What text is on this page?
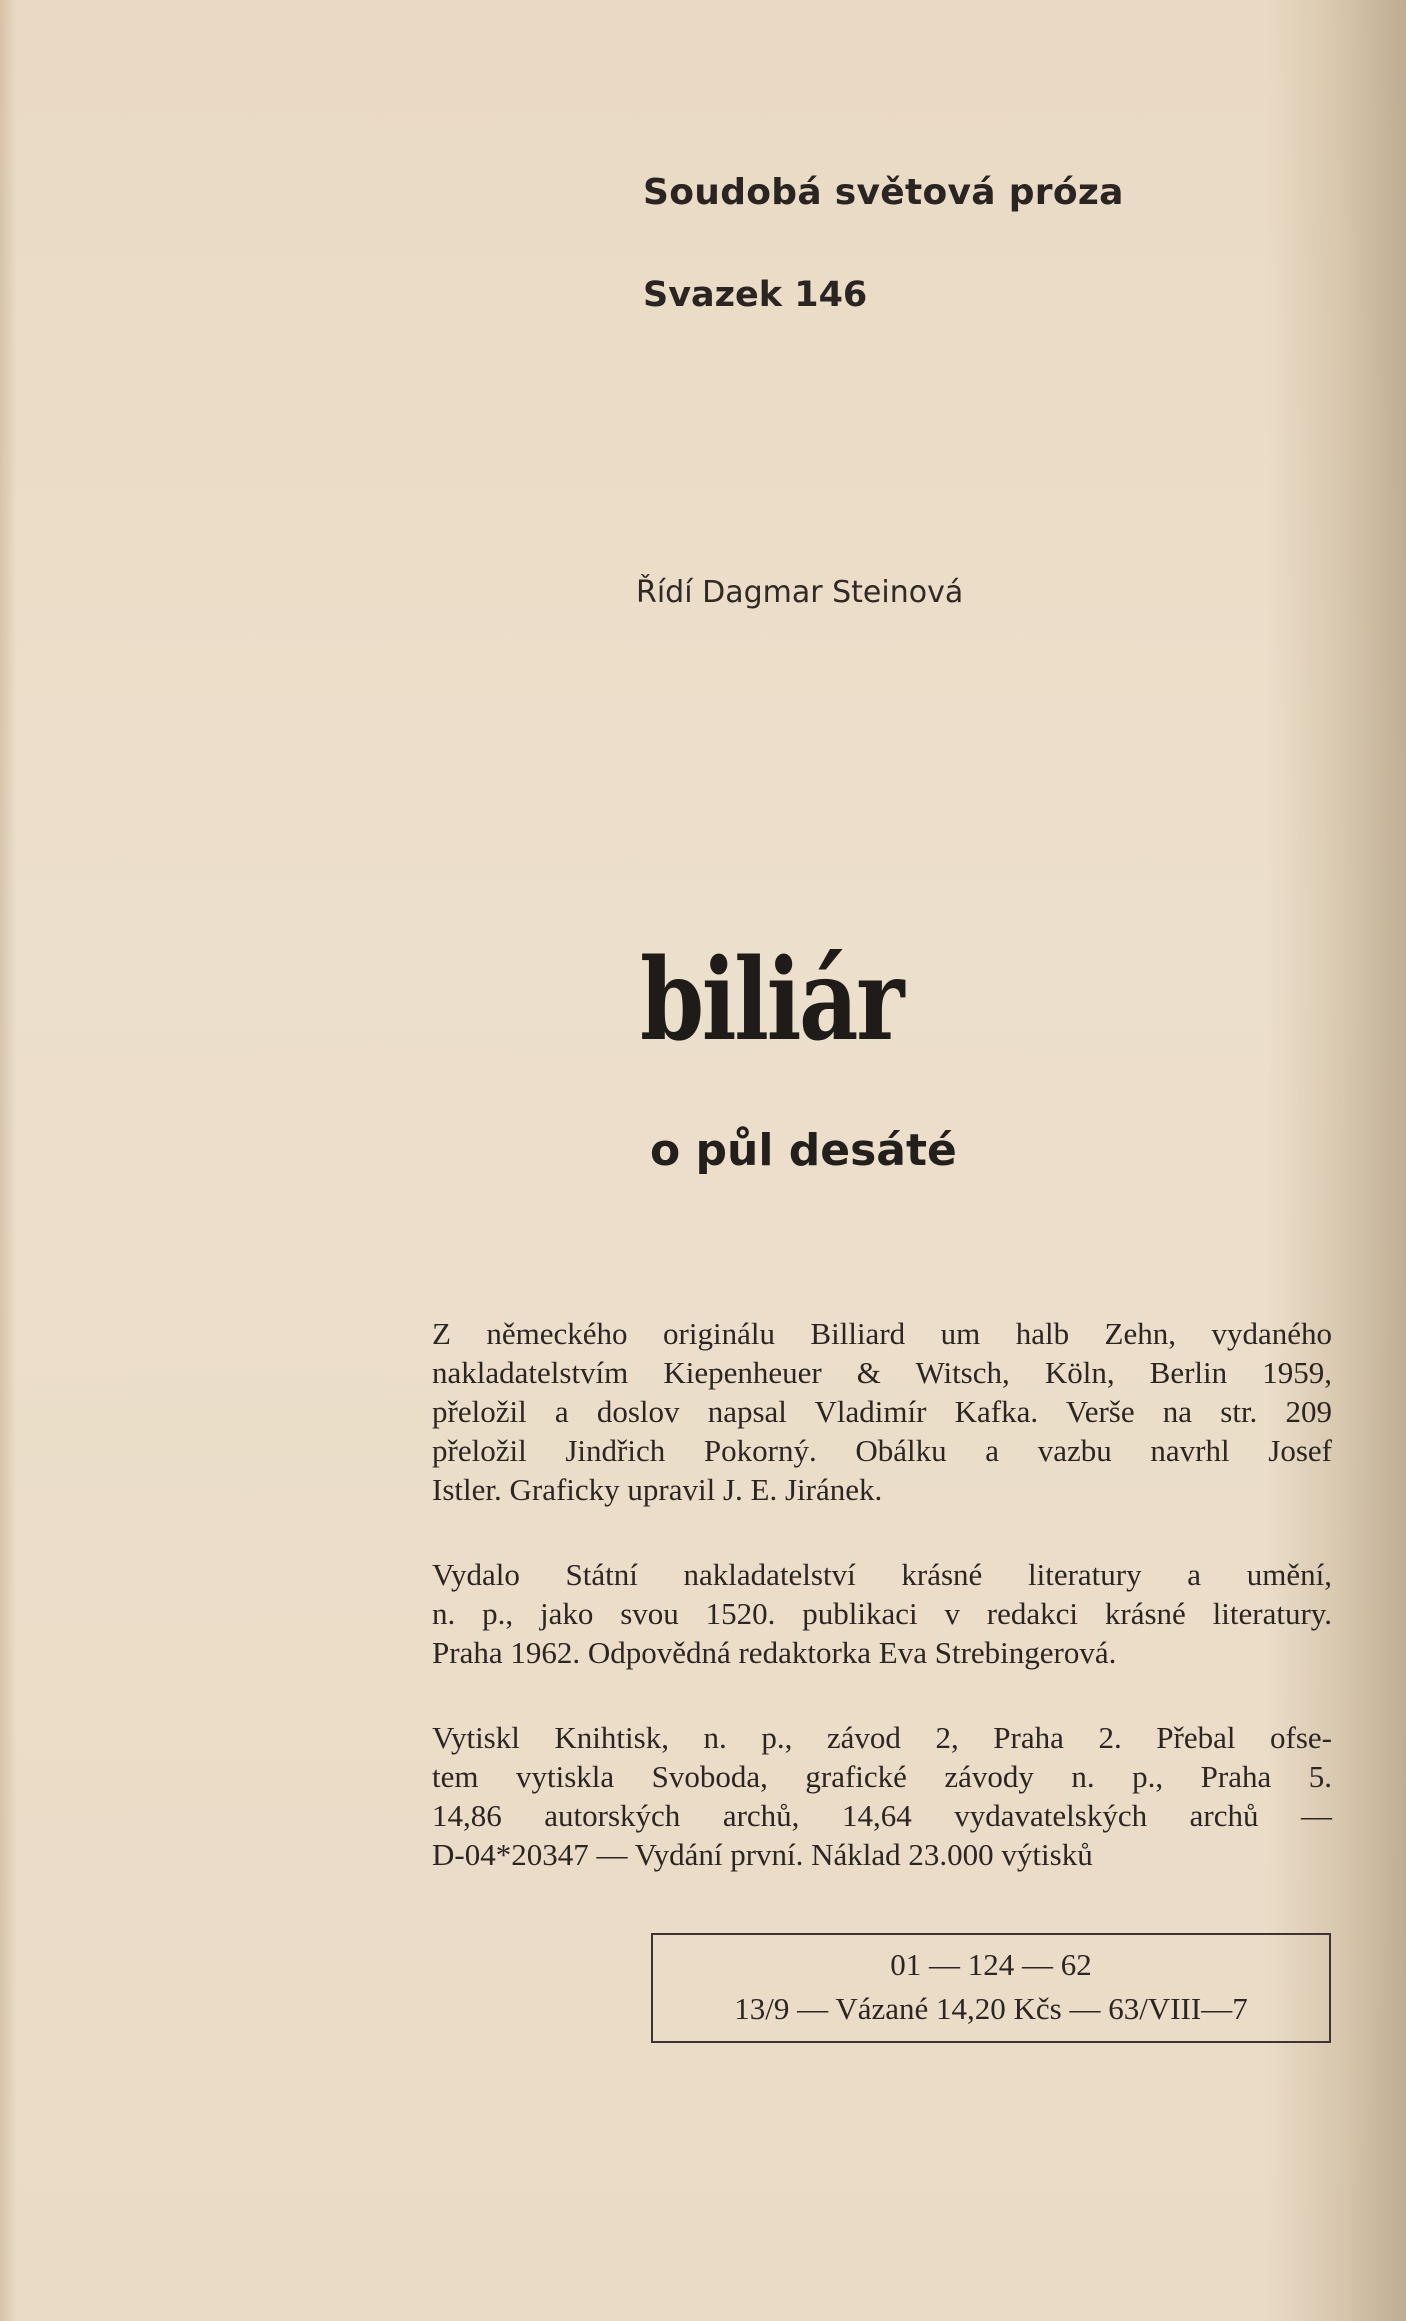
Soudobá světová próza

Svazek 146

Řídí Dagmar Steinová

biliár

o půl desáté

Z německého originálu Billiard um halb Zehn, vydaného
nakladatelstvím Kiepenheuer & Witsch, Köln, Berlin 1959,
přeložil a doslov napsal Vladimír Kafka. Verše na str. 209
přeložil Jindřich Pokorný. Obálku a vazbu navrhl Josef
Istler. Graficky upravil J. E. Jiránek.
Vydalo Státní nakladatelství krásné literatury a umění,
n. p., jako svou 1520. publikaci v redakci krásné literatury.
Praha 1962. Odpovědná redaktorka Eva Strebingerová.
Vytiskl Knihtisk, n. p., závod 2, Praha 2. Přebal ofse-
tem vytiskla Svoboda, grafické závody n. p., Praha 5.
14,86 autorských archů, 14,64 vydavatelských archů —
D-04*20347 — Vydání první. Náklad 23.000 výtisků

01 — 124 — 62

13/9 — Vázané 14,20 Kčs — 63/VIII—7
